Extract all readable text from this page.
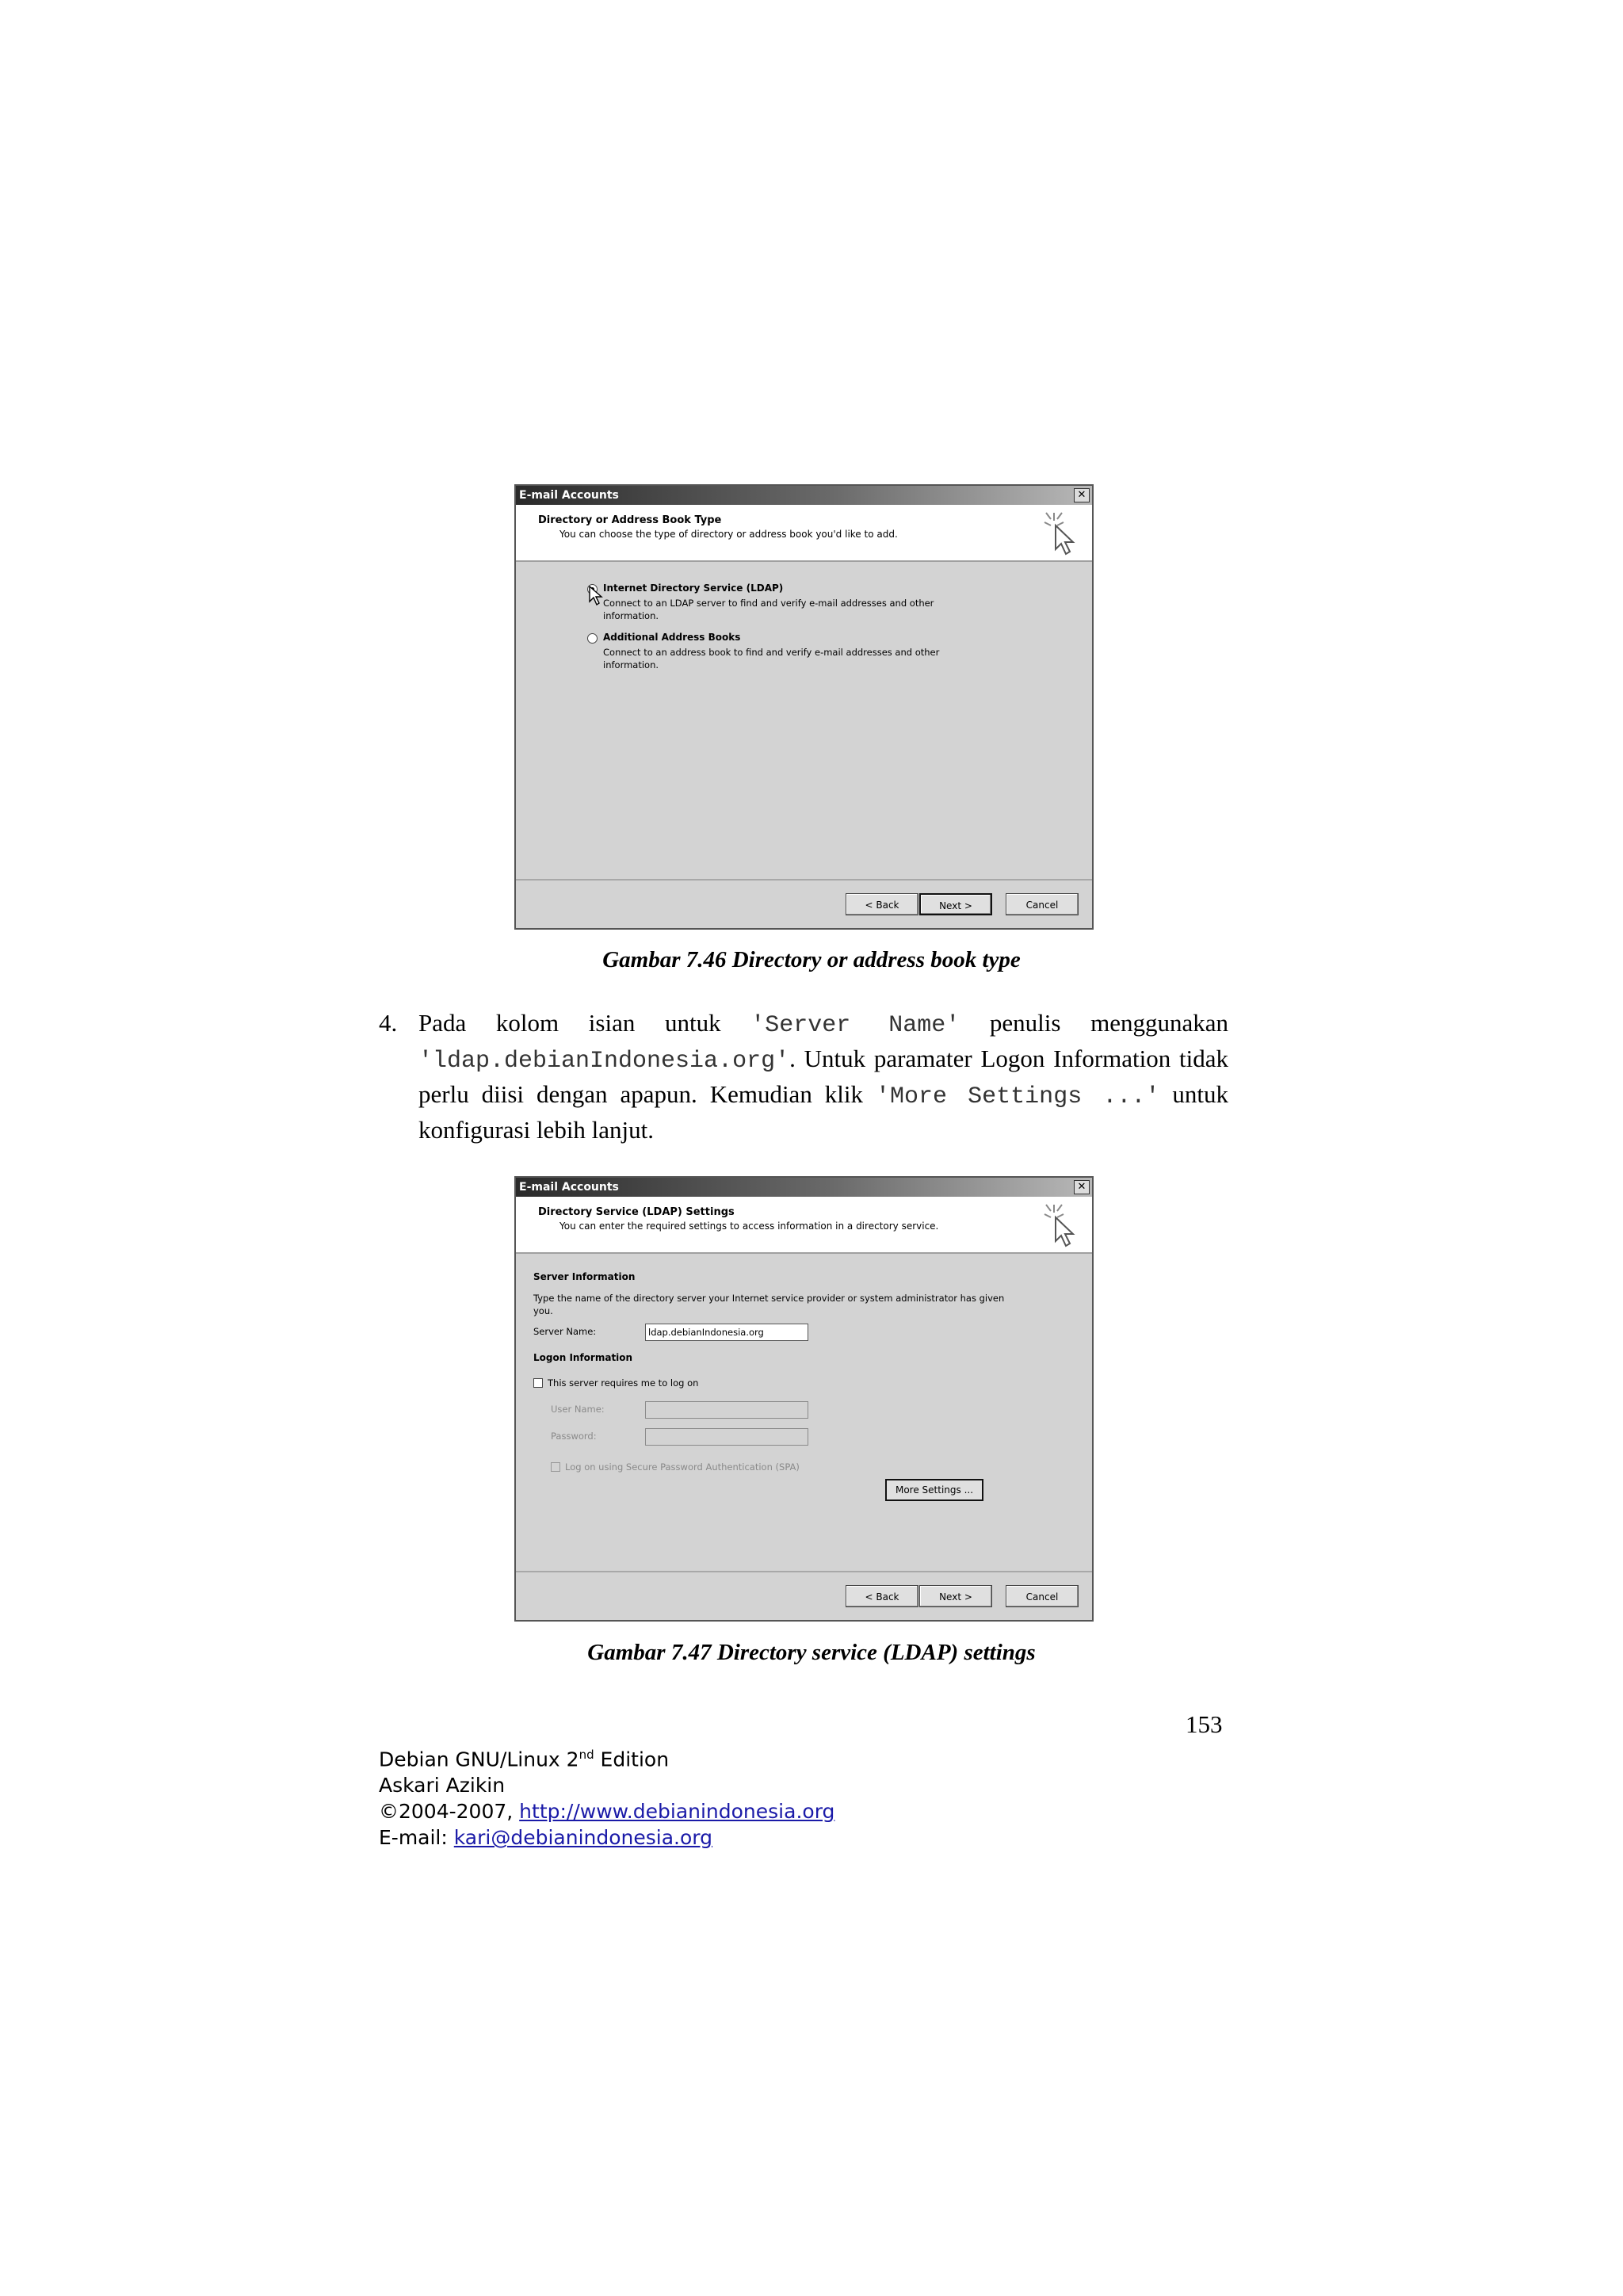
E-mail Accounts	✕
Directory or Address Book Type
You can choose the type of directory or address book you'd like to add.
Internet Directory Service (LDAP)
Connect to an LDAP server to find and verify e-mail addresses and other information.
Additional Address Books
Connect to an address book to find and verify e-mail addresses and other information.
< Back	Next >	Cancel
Gambar 7.46 Directory or address book type
4. Pada kolom isian untuk 'Server Name' penulis menggunakan 'ldap.debianIndonesia.org'. Untuk paramater Logon Information tidak perlu diisi dengan apapun. Kemudian klik 'More Settings ...' untuk konfigurasi lebih lanjut.
E-mail Accounts	✕
Directory Service (LDAP) Settings
You can enter the required settings to access information in a directory service.
Server Information
Type the name of the directory server your Internet service provider or system administrator has given you.
Server Name:	ldap.debianIndonesia.org
Logon Information
This server requires me to log on
User Name:
Password:
Log on using Secure Password Authentication (SPA)
More Settings ...
< Back	Next >	Cancel
Gambar 7.47 Directory service (LDAP) settings
153
Debian GNU/Linux 2nd Edition
Askari Azikin
©2004-2007, http://www.debianindonesia.org
E-mail: kari@debianindonesia.org
